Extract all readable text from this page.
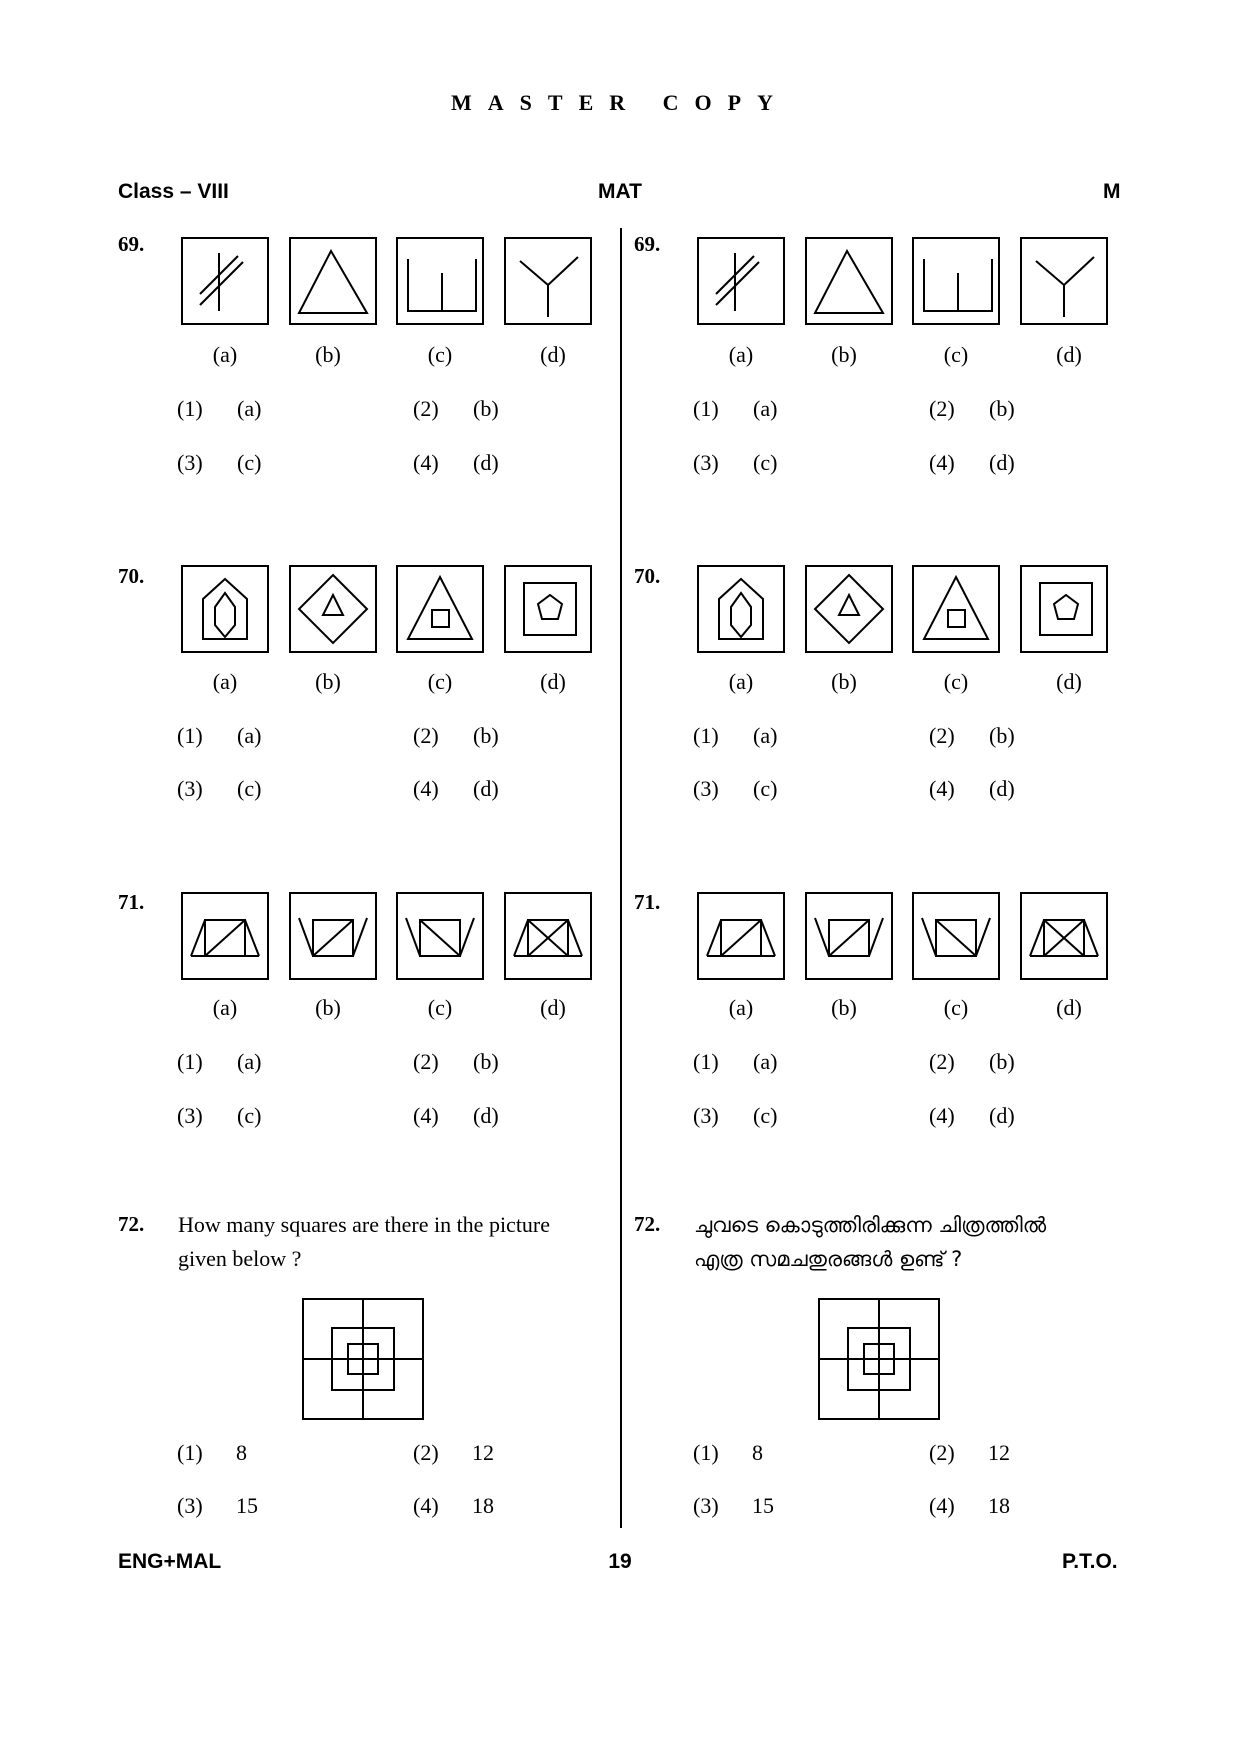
MASTER COPY
Class – VIII	MAT	M
69.
(a)	(b)	(c)	(d)
(1) (a)	(2) (b)
(3) (c)	(4) (d)
70.
(a)	(b)	(c)	(d)
(1) (a)	(2) (b)
(3) (c)	(4) (d)
71.
(a)	(b)	(c)	(d)
(1) (a)	(2) (b)
(3) (c)	(4) (d)
72. How many squares are there in the picture
given below ?
(1) 8	(2) 12
(3) 15	(4) 18
69.
(a)	(b)	(c)	(d)
(1) (a)	(2) (b)
(3) (c)	(4) (d)
70.
(a)	(b)	(c)	(d)
(1) (a)	(2) (b)
(3) (c)	(4) (d)
71.
(a)	(b)	(c)	(d)
(1) (a)	(2) (b)
(3) (c)	(4) (d)
72. ചുവടെ കൊടുത്തിരിക്കുന്ന ചിത്രത്തിൽ
എത്ര സമചതുരങ്ങൾ ഉണ്ട് ?
(1) 8	(2) 12
(3) 15	(4) 18
ENG+MAL	19	P.T.O.
